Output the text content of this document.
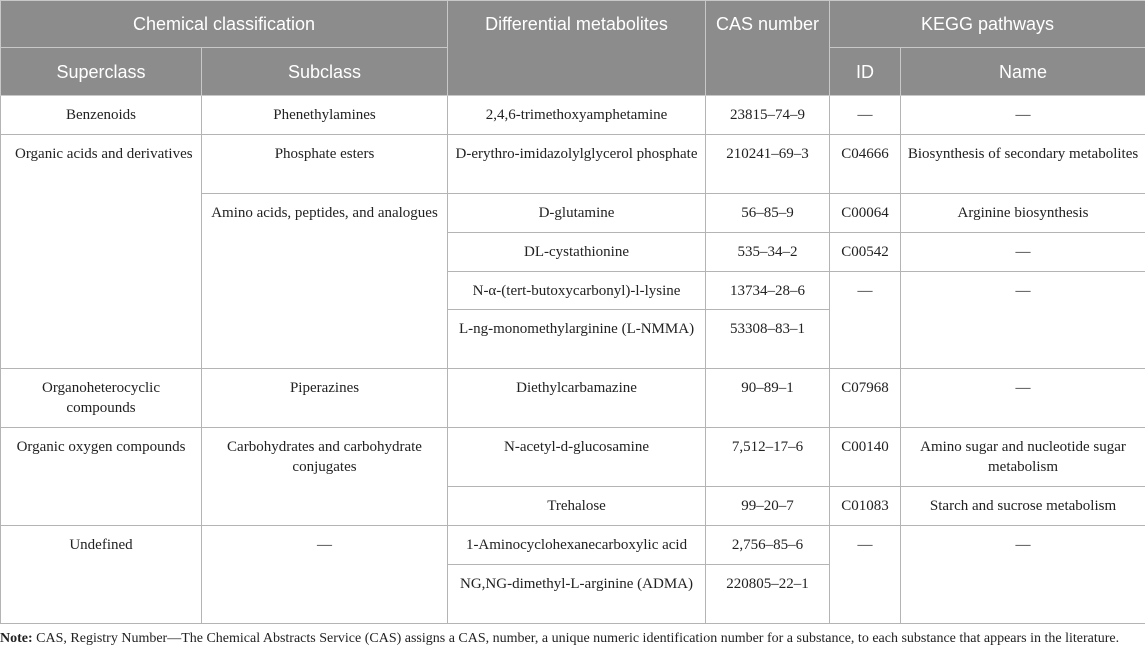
Chemical classification		Differential metabolites	CAS number	KEGG pathways	
Superclass	Subclass			ID	Name
Benzenoids	Phenethylamines	2,4,6-trimethoxyamphetamine	23815–74–9	—	—
Organic acids and derivatives	Phosphate esters	D-erythro-imidazolylglycerol phosphate	210241–69–3	C04666	Biosynthesis of secondary metabolites
	Amino acids, peptides, and analogues	D-glutamine	56–85–9	C00064	Arginine biosynthesis
		DL-cystathionine	535–34–2	C00542	—
		N-α-(tert-butoxycarbonyl)-l-lysine	13734–28–6	—	—
		L-ng-monomethylarginine (L-NMMA)	53308–83–1		
Organoheterocyclic compounds	Piperazines	Diethylcarbamazine	90–89–1	C07968	—
Organic oxygen compounds	Carbohydrates and carbohydrate conjugates	N-acetyl-d-glucosamine	7,512–17–6	C00140	Amino sugar and nucleotide sugar metabolism
		Trehalose	99–20–7	C01083	Starch and sucrose metabolism
Undefined	—	1-Aminocyclohexanecarboxylic acid	2,756–85–6	—	—
		NG,NG-dimethyl-L-arginine (ADMA)	220805–22–1		
Note: CAS, Registry Number—The Chemical Abstracts Service (CAS) assigns a CAS, number, a unique numeric identification number for a substance, to each substance that appears in the literature.
